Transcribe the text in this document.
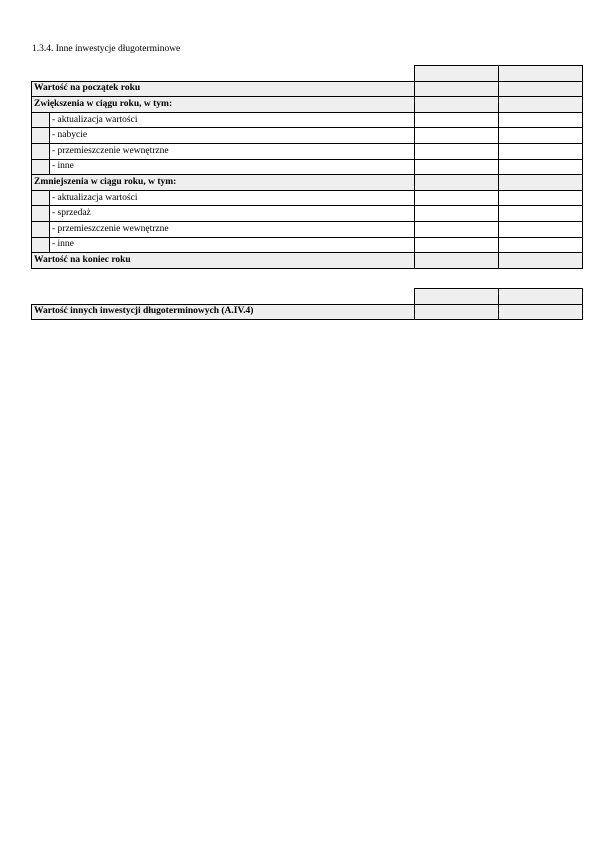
1.3.4. Inne inwestycje długoterminowe

Wartość na początek roku			
Zwiększenia w ciągu roku, w tym:			
	- aktualizacja wartości		
	- nabycie		
	- przemieszczenie wewnętrzne		
	- inne		
Zmniejszenia w ciągu roku, w tym:			
	- aktualizacja wartości		
	- sprzedaż		
	- przemieszczenie wewnętrzne		
	- inne		
Wartość na koniec roku			

Wartość innych inwestycji długoterminowych (A.IV.4)		
